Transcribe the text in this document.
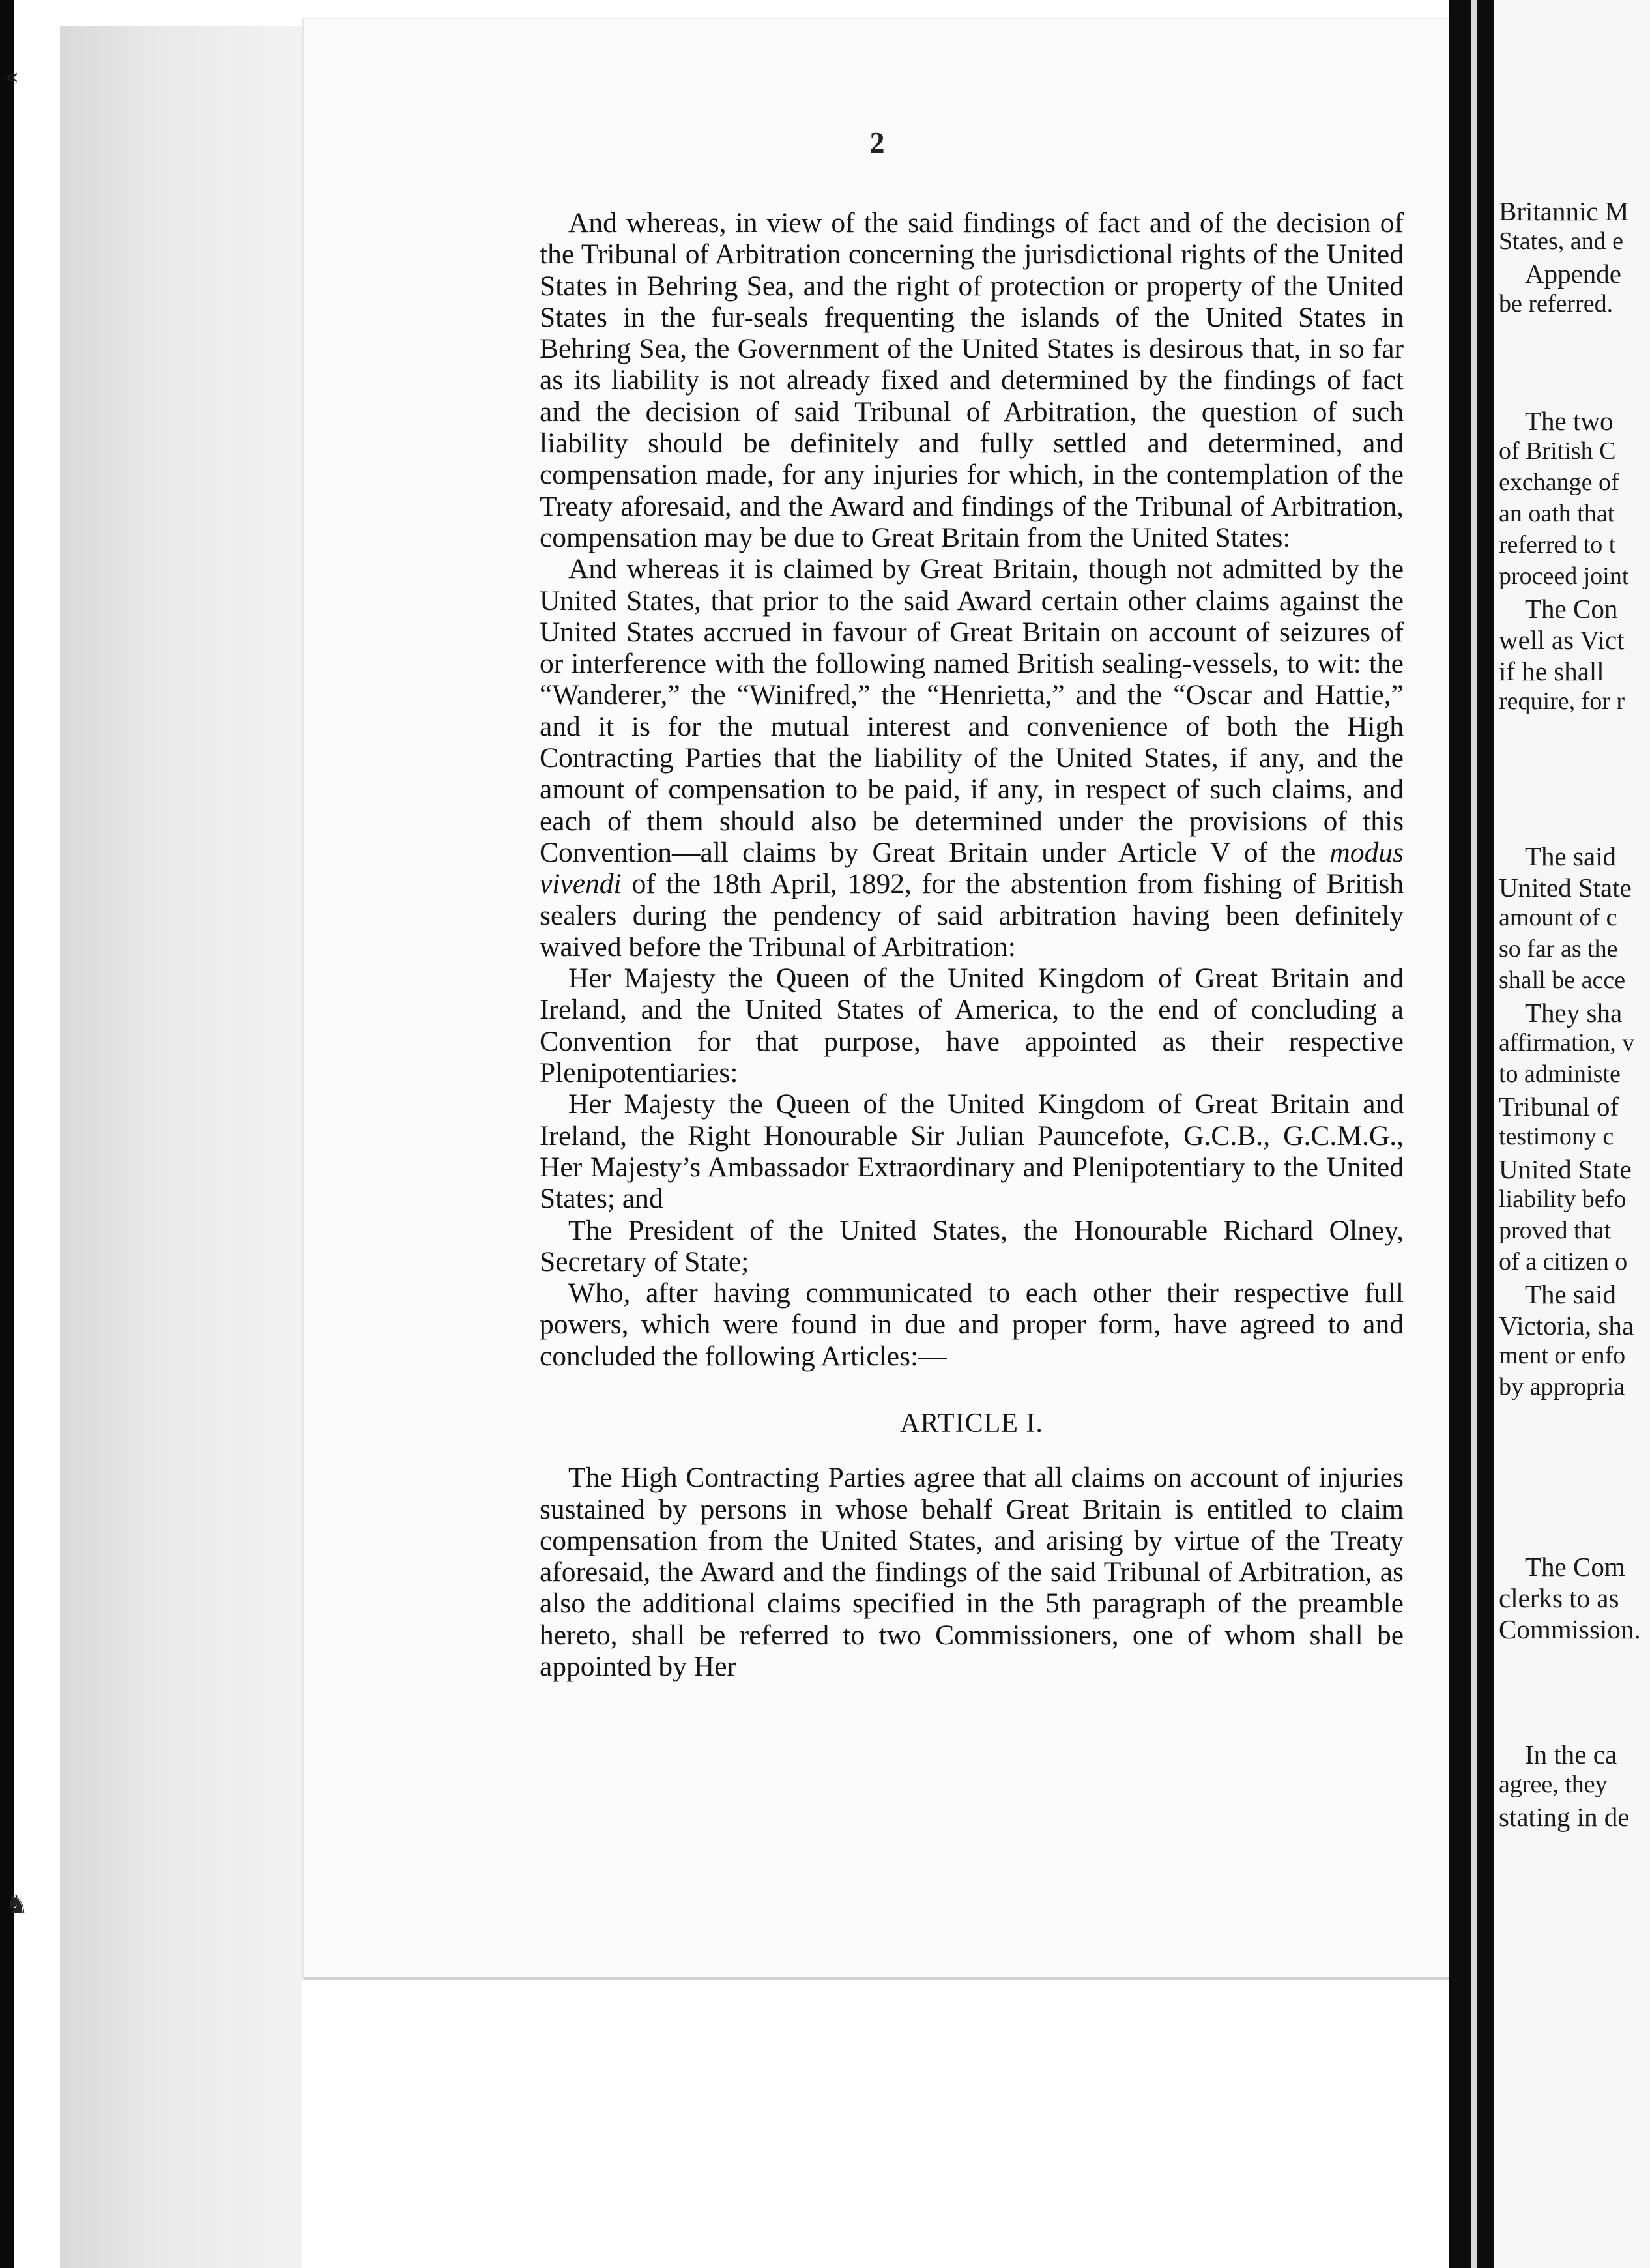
«
♞
2

And whereas, in view of the said findings of fact and of the decision of the Tribunal of Arbitration concerning the jurisdictional rights of the United States in Behring Sea, and the right of protection or property of the United States in the fur-seals frequenting the islands of the United States in Behring Sea, the Government of the United States is desirous that, in so far as its liability is not already fixed and determined by the findings of fact and the decision of said Tribunal of Arbitration, the question of such liability should be definitely and fully settled and determined, and compensation made, for any injuries for which, in the contemplation of the Treaty aforesaid, and the Award and findings of the Tribunal of Arbitration, compensation may be due to Great Britain from the United States:

And whereas it is claimed by Great Britain, though not admitted by the United States, that prior to the said Award certain other claims against the United States accrued in favour of Great Britain on account of seizures of or interference with the following named British sealing-vessels, to wit: the “Wanderer,” the “Winifred,” the “Henrietta,” and the “Oscar and Hattie,” and it is for the mutual interest and convenience of both the High Contracting Parties that the liability of the United States, if any, and the amount of compensation to be paid, if any, in respect of such claims, and each of them should also be determined under the provisions of this Convention—all claims by Great Britain under Article V of the modus vivendi of the 18th April, 1892, for the abstention from fishing of British sealers during the pendency of said arbitration having been definitely waived before the Tribunal of Arbitration:

Her Majesty the Queen of the United Kingdom of Great Britain and Ireland, and the United States of America, to the end of concluding a Convention for that purpose, have appointed as their respective Plenipotentiaries:

Her Majesty the Queen of the United Kingdom of Great Britain and Ireland, the Right Honourable Sir Julian Pauncefote, G.C.B., G.C.M.G., Her Majesty’s Ambassador Extraordinary and Plenipotentiary to the United States; and

The President of the United States, the Honourable Richard Olney, Secretary of State;

Who, after having communicated to each other their respective full powers, which were found in due and proper form, have agreed to and concluded the following Articles:—

ARTICLE I.

The High Contracting Parties agree that all claims on account of injuries sustained by persons in whose behalf Great Britain is entitled to claim compensation from the United States, and arising by virtue of the Treaty aforesaid, the Award and the findings of the said Tribunal of Arbitration, as also the additional claims specified in the 5th paragraph of the preamble hereto, shall be referred to two Commissioners, one of whom shall be appointed by Her

Britannic M
States, and e
Appende
be referred.
The two
of British C
exchange of
an oath that
referred to t
proceed joint
The Con
well as Vict
if he shall
require, for r
The said
United State
amount of c
so far as the
shall be acce
They sha
affirmation, v
to administe
Tribunal of
testimony c
United State
liability befo
proved that
of a citizen o
The said
Victoria, sha
ment or enfo
by appropria
The Com
clerks to as
Commission.
In the ca
agree, they
stating in de
